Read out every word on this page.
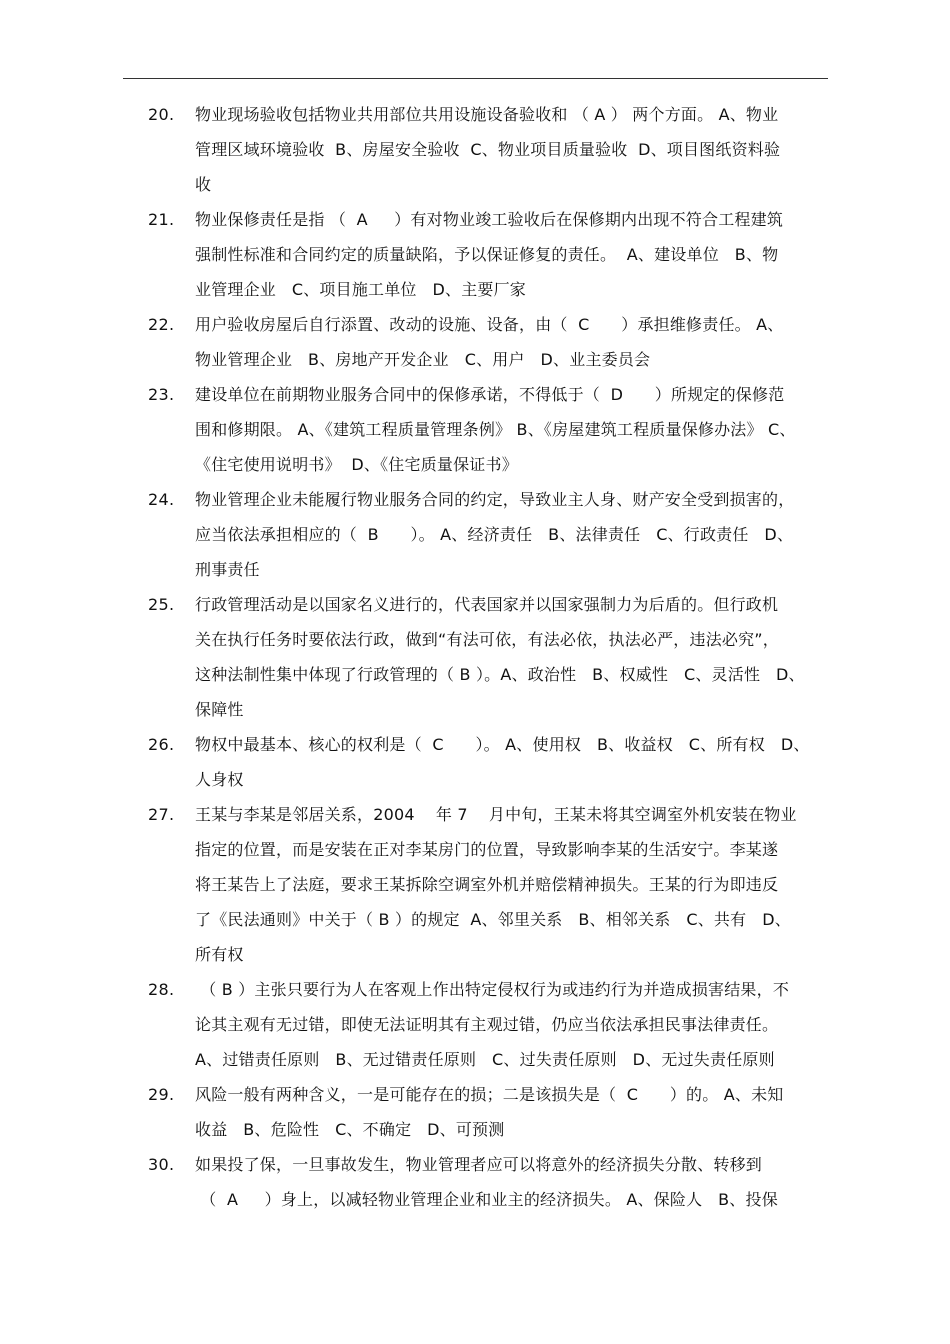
20.	物业现场验收包括物业共用部位共用设施设备验收和 （ A ） 两个方面。 A、物业
管理区域环境验收  B、房屋安全验收  C、物业项目质量验收  D、项目图纸资料验
收
21.	物业保修责任是指 （  A     ）有对物业竣工验收后在保修期内出现不符合工程建筑
强制性标准和合同约定的质量缺陷，予以保证修复的责任。  A、建设单位   B、物
业管理企业   C、项目施工单位   D、主要厂家
22.	用户验收房屋后自行添置、改动的设施、设备，由（  C      ）承担维修责任。 A、
物业管理企业   B、房地产开发企业   C、用户   D、业主委员会
23.	建设单位在前期物业服务合同中的保修承诺，不得低于（  D      ）所规定的保修范
围和修期限。 A、《建筑工程质量管理条例》 B、《房屋建筑工程质量保修办法》 C、
《住宅使用说明书》  D、《住宅质量保证书》
24.	物业管理企业未能履行物业服务合同的约定，导致业主人身、财产安全受到损害的，
应当依法承担相应的（  B      ）。 A、经济责任   B、法律责任   C、行政责任   D、
刑事责任
25.	行政管理活动是以国家名义进行的，代表国家并以国家强制力为后盾的。但行政机
关在执行任务时要依法行政，做到“有法可依，有法必依，执法必严，违法必究”，
这种法制性集中体现了行政管理的（ B ）。A、政治性   B、权威性   C、灵活性   D、
保障性
26.	物权中最基本、核心的权利是（  C      ）。 A、使用权   B、收益权   C、所有权   D、
人身权
27.	王某与李某是邻居关系，2004    年 7    月中旬，王某未将其空调室外机安装在物业
指定的位置，而是安装在正对李某房门的位置，导致影响李某的生活安宁。李某遂
将王某告上了法庭，要求王某拆除空调室外机并赔偿精神损失。王某的行为即违反
了《民法通则》中关于（ B ）的规定  A、邻里关系   B、相邻关系   C、共有   D、
所有权
28.	（ B ）主张只要行为人在客观上作出特定侵权行为或违约行为并造成损害结果，不
论其主观有无过错，即使无法证明其有主观过错，仍应当依法承担民事法律责任。
A、过错责任原则   B、无过错责任原则   C、过失责任原则   D、无过失责任原则
29.	风险一般有两种含义，一是可能存在的损；二是该损失是（  C      ）的。 A、未知
收益   B、危险性   C、不确定   D、可预测
30.	如果投了保，一旦事故发生，物业管理者应可以将意外的经济损失分散、转移到
（  A     ）身上，以减轻物业管理企业和业主的经济损失。 A、保险人   B、投保
